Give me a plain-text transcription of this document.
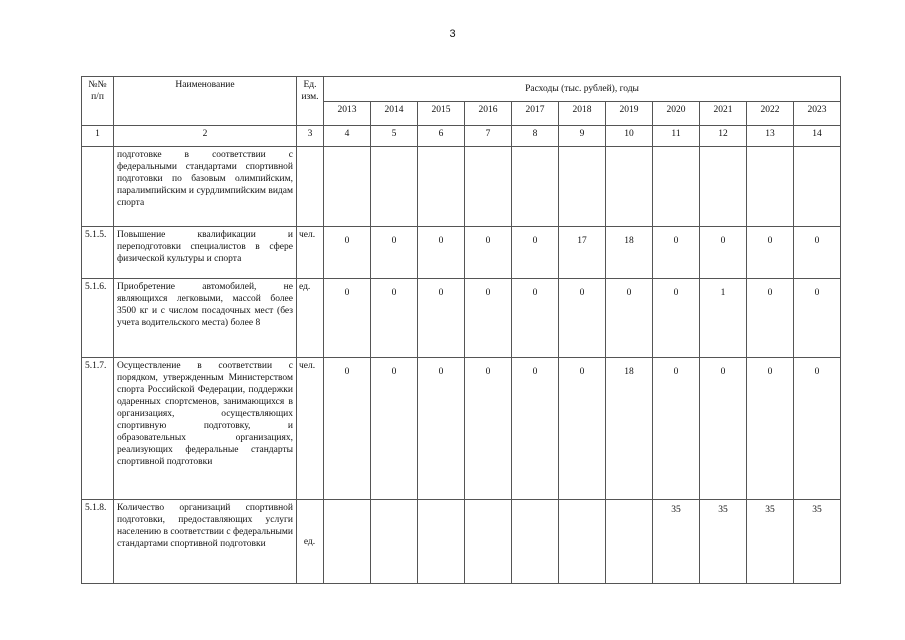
3
№№ п/п	Наименование	Ед. изм.	Расходы (тыс. рублей), годы										
			2013	2014	2015	2016	2017	2018	2019	2020	2021	2022	2023
1	2	3	4	5	6	7	8	9	10	11	12	13	14
	подготовке в соответствии с федеральными стандартами спортивной подготовки по базовым олимпийским, паралимпийским и сурдлимпийским видам спорта												
5.1.5.	Повышение квалификации и переподготовки специалистов в сфере физической культуры и спорта	чел.	0	0	0	0	0	17	18	0	0	0	0
5.1.6.	Приобретение автомобилей, не являющихся легковыми, массой более 3500 кг и с числом посадочных мест (без учета водительского места) более 8	ед.	0	0	0	0	0	0	0	0	1	0	0
5.1.7.	Осуществление в соответствии с порядком, утвержденным Министерством спорта Российской Федерации, поддержки одаренных спортсменов, занимающихся в организациях, осуществляющих спортивную подготовку, и образовательных организациях, реализующих федеральные стандарты спортивной подготовки	чел.	0	0	0	0	0	0	18	0	0	0	0
5.1.8.	Количество организаций спортивной подготовки, предоставляющих услуги населению в соответствии с федеральными стандартами спортивной подготовки	ед.								35	35	35	35
